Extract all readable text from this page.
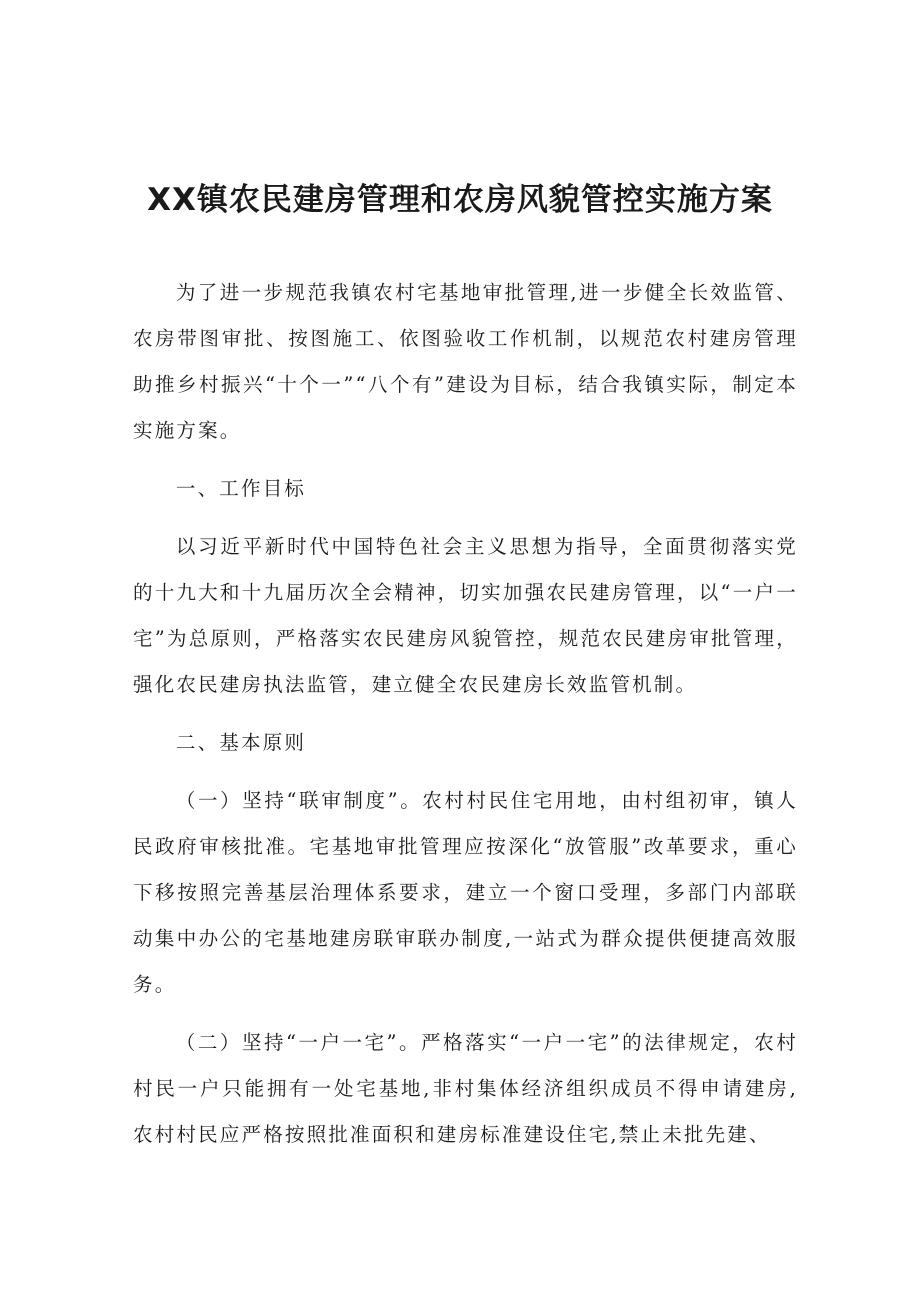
XX镇农民建房管理和农房风貌管控实施方案

为了进一步规范我镇农村宅基地审批管理,进一步健全长效监管、农房带图审批、按图施工、依图验收工作机制，以规范农村建房管理助推乡村振兴“十个一”“八个有”建设为目标，结合我镇实际，制定本实施方案。

一、工作目标

以习近平新时代中国特色社会主义思想为指导，全面贯彻落实党的十九大和十九届历次全会精神，切实加强农民建房管理，以“一户一宅”为总原则，严格落实农民建房风貌管控，规范农民建房审批管理，强化农民建房执法监管，建立健全农民建房长效监管机制。

二、基本原则

（一）坚持“联审制度”。农村村民住宅用地，由村组初审，镇人民政府审核批准。宅基地审批管理应按深化“放管服”改革要求，重心下移按照完善基层治理体系要求，建立一个窗口受理，多部门内部联动集中办公的宅基地建房联审联办制度,一站式为群众提供便捷高效服务。

（二）坚持“一户一宅”。严格落实“一户一宅”的法律规定，农村村民一户只能拥有一处宅基地,非村集体经济组织成员不得申请建房,农村村民应严格按照批准面积和建房标准建设住宅,禁止未批先建、
